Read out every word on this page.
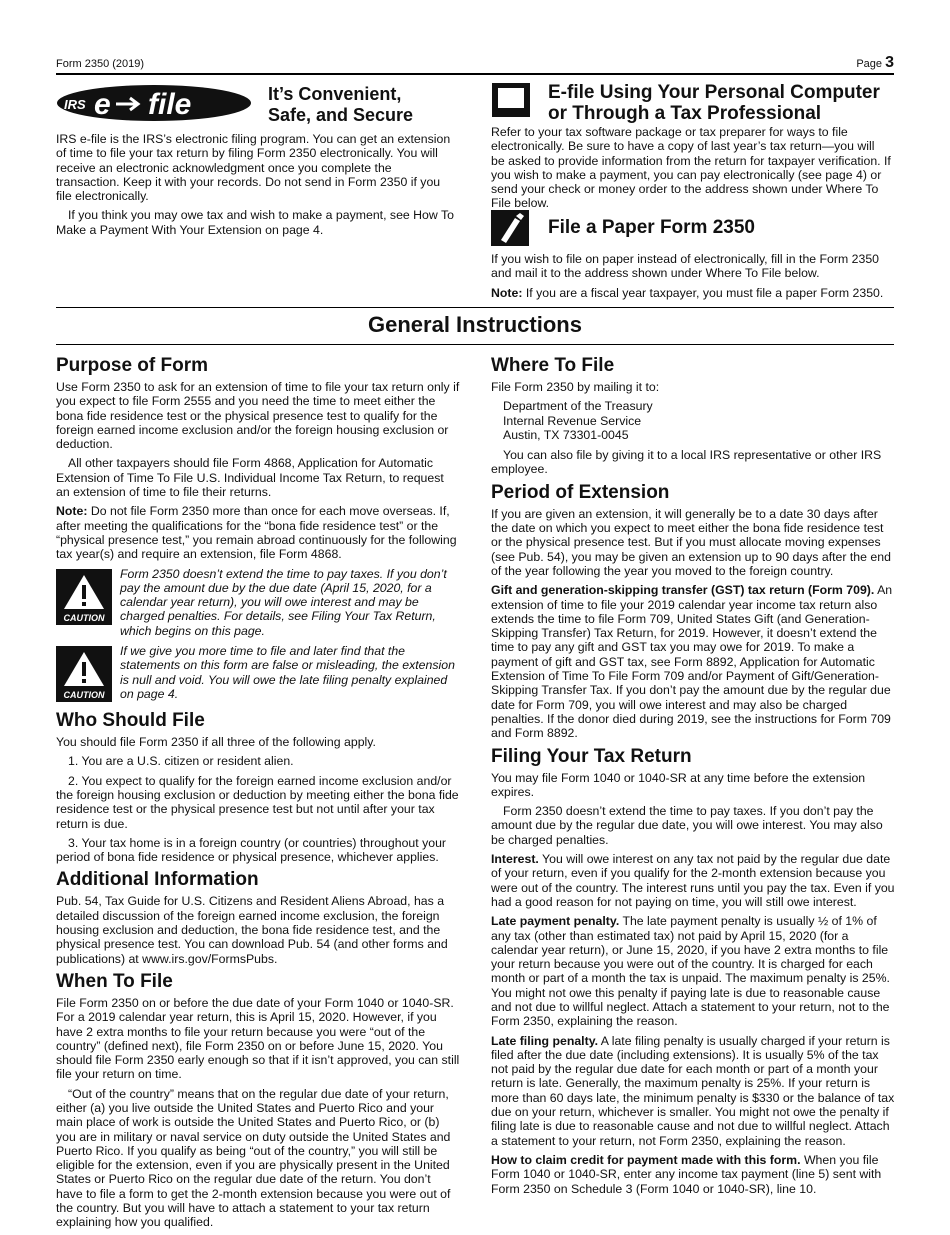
Form 2350 (2019)	Page 3
IRS e file	It’s Convenient,
Safe, and Secure

IRS e-file is the IRS’s electronic filing program. You can get an extension of time to file your tax return by filing Form 2350 electronically. You will receive an electronic acknowledgment once you complete the transaction. Keep it with your records. Do not send in Form 2350 if you file electronically.

If you think you may owe tax and wish to make a payment, see How To Make a Payment With Your Extension on page 4.

E-file Using Your Personal Computer
or Through a Tax Professional

Refer to your tax software package or tax preparer for ways to file electronically. Be sure to have a copy of last year’s tax return—you will be asked to provide information from the return for taxpayer verification. If you wish to make a payment, you can pay electronically (see page 4) or send your check or money order to the address shown under Where To File below.

File a Paper Form 2350

If you wish to file on paper instead of electronically, fill in the Form 2350 and mail it to the address shown under Where To File below.

Note: If you are a fiscal year taxpayer, you must file a paper Form 2350.

General Instructions
Purpose of Form

Use Form 2350 to ask for an extension of time to file your tax return only if you expect to file Form 2555 and you need the time to meet either the bona fide residence test or the physical presence test to qualify for the foreign earned income exclusion and/or the foreign housing exclusion or deduction.

All other taxpayers should file Form 4868, Application for Automatic Extension of Time To File U.S. Individual Income Tax Return, to request an extension of time to file their returns.

Note: Do not file Form 2350 more than once for each move overseas. If, after meeting the qualifications for the “bona fide residence test” or the “physical presence test,” you remain abroad continuously for the following tax year(s) and require an extension, file Form 4868.

CAUTION
Form 2350 doesn’t extend the time to pay taxes. If you don’t pay the amount due by the due date (April 15, 2020, for a calendar year return), you will owe interest and may be charged penalties. For details, see Filing Your Tax Return, which begins on this page.
CAUTION
If we give you more time to file and later find that the statements on this form are false or misleading, the extension is null and void. You will owe the late filing penalty explained on page 4.
Who Should File

You should file Form 2350 if all three of the following apply.

1. You are a U.S. citizen or resident alien.

2. You expect to qualify for the foreign earned income exclusion and/or the foreign housing exclusion or deduction by meeting either the bona fide residence test or the physical presence test but not until after your tax return is due.

3. Your tax home is in a foreign country (or countries) throughout your period of bona fide residence or physical presence, whichever applies.

Additional Information

Pub. 54, Tax Guide for U.S. Citizens and Resident Aliens Abroad, has a detailed discussion of the foreign earned income exclusion, the foreign housing exclusion and deduction, the bona fide residence test, and the physical presence test. You can download Pub. 54 (and other forms and publications) at www.irs.gov/FormsPubs.

When To File

File Form 2350 on or before the due date of your Form 1040 or 1040-SR. For a 2019 calendar year return, this is April 15, 2020. However, if you have 2 extra months to file your return because you were “out of the country” (defined next), file Form 2350 on or before June 15, 2020. You should file Form 2350 early enough so that if it isn’t approved, you can still file your return on time.

“Out of the country” means that on the regular due date of your return, either (a) you live outside the United States and Puerto Rico and your main place of work is outside the United States and Puerto Rico, or (b) you are in military or naval service on duty outside the United States and Puerto Rico. If you qualify as being “out of the country,” you will still be eligible for the extension, even if you are physically present in the United States or Puerto Rico on the regular due date of the return. You don’t have to file a form to get the 2-month extension because you were out of the country. But you will have to attach a statement to your tax return explaining how you qualified.

Where To File

File Form 2350 by mailing it to:

Department of the Treasury
Internal Revenue Service
Austin, TX 73301-0045

You can also file by giving it to a local IRS representative or other IRS employee.

Period of Extension

If you are given an extension, it will generally be to a date 30 days after the date on which you expect to meet either the bona fide residence test or the physical presence test. But if you must allocate moving expenses (see Pub. 54), you may be given an extension up to 90 days after the end of the year following the year you moved to the foreign country.

Gift and generation-skipping transfer (GST) tax return (Form 709). An extension of time to file your 2019 calendar year income tax return also extends the time to file Form 709, United States Gift (and Generation-Skipping Transfer) Tax Return, for 2019. However, it doesn’t extend the time to pay any gift and GST tax you may owe for 2019. To make a payment of gift and GST tax, see Form 8892, Application for Automatic Extension of Time To File Form 709 and/or Payment of Gift/Generation-Skipping Transfer Tax. If you don’t pay the amount due by the regular due date for Form 709, you will owe interest and may also be charged penalties. If the donor died during 2019, see the instructions for Form 709 and Form 8892.

Filing Your Tax Return

You may file Form 1040 or 1040-SR at any time before the extension expires.

Form 2350 doesn’t extend the time to pay taxes. If you don’t pay the amount due by the regular due date, you will owe interest. You may also be charged penalties.

Interest. You will owe interest on any tax not paid by the regular due date of your return, even if you qualify for the 2-month extension because you were out of the country. The interest runs until you pay the tax. Even if you had a good reason for not paying on time, you will still owe interest.

Late payment penalty. The late payment penalty is usually ½ of 1% of any tax (other than estimated tax) not paid by April 15, 2020 (for a calendar year return), or June 15, 2020, if you have 2 extra months to file your return because you were out of the country. It is charged for each month or part of a month the tax is unpaid. The maximum penalty is 25%. You might not owe this penalty if paying late is due to reasonable cause and not due to willful neglect. Attach a statement to your return, not to the Form 2350, explaining the reason.

Late filing penalty. A late filing penalty is usually charged if your return is filed after the due date (including extensions). It is usually 5% of the tax not paid by the regular due date for each month or part of a month your return is late. Generally, the maximum penalty is 25%. If your return is more than 60 days late, the minimum penalty is $330 or the balance of tax due on your return, whichever is smaller. You might not owe the penalty if filing late is due to reasonable cause and not due to willful neglect. Attach a statement to your return, not Form 2350, explaining the reason.

How to claim credit for payment made with this form. When you file Form 1040 or 1040-SR, enter any income tax payment (line 5) sent with Form 2350 on Schedule 3 (Form 1040 or 1040-SR), line 10.
